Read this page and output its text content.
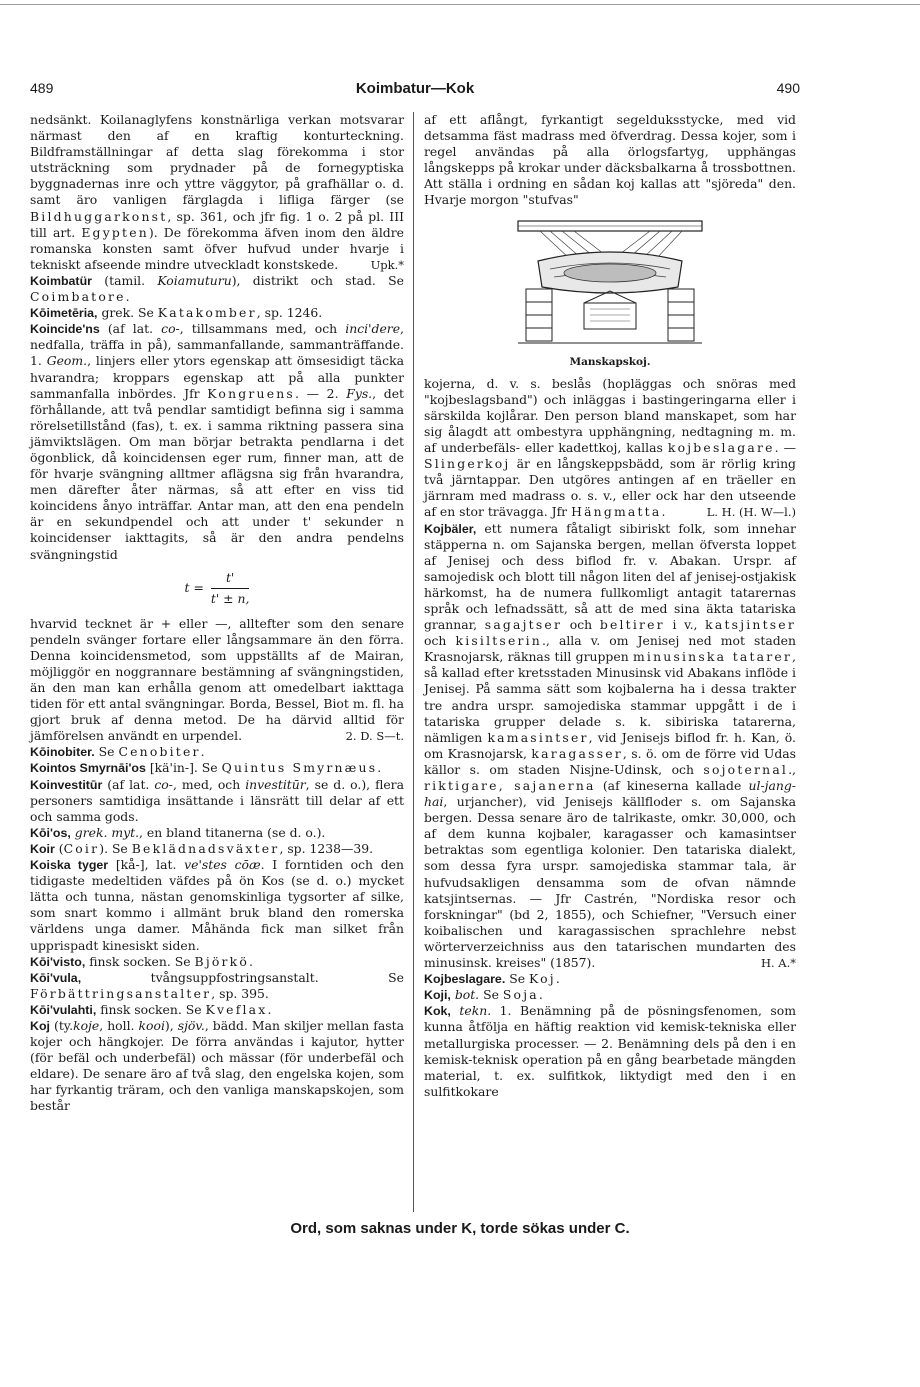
489	Koimbatur—Kok	490

nedsänkt. Koilanaglyfens konstnärliga verkan motsvarar närmast den af en kraftig konturteckning. Bildframställningar af detta slag förekomma i stor utsträckning som prydnader på de fornegyptiska byggnadernas inre och yttre väggytor, på grafhällar o. d. samt äro vanligen färglagda i lifliga färger (se Bildhuggarkonst, sp. 361, och jfr fig. 1 o. 2 på pl. III till art. Egypten). De förekomma äfven inom den äldre romanska konsten samt öfver hufvud under hvarje i tekniskt afseende mindre utveckladt konstskede.	Upk.*

Koimbatür (tamil. Koiamuturu), distrikt och stad. Se Coimbatore.

Kōimetēria, grek. Se Katakomber, sp. 1246.

Koincide'ns (af lat. co-, tillsammans med, och inci'dere, nedfalla, träffa in på), sammanfallande, sammanträffande. 1. Geom., linjers eller ytors egenskap att ömsesidigt täcka hvarandra; kroppars egenskap att på alla punkter sammanfalla inbördes. Jfr Kongruens. — 2. Fys., det förhållande, att två pendlar samtidigt befinna sig i samma rörelsetillstånd (fas), t. ex. i samma riktning passera sina jämviktslägen. Om man börjar betrakta pendlarna i det ögonblick, då koincidensen eger rum, finner man, att de för hvarje svängning alltmer aflägsna sig från hvarandra, men därefter åter närmas, så att efter en viss tid koincidens ånyo inträffar. Antar man, att den ena pendeln är en sekundpendel och att under t' sekunder n koincidenser iakttagits, så är den andra pendelns svängningstid

t =	
t'
t' ± n,

hvarvid tecknet är + eller —, alltefter som den senare pendeln svänger fortare eller långsammare än den förra. Denna koincidensmetod, som uppställts af de Mairan, möjliggör en noggrannare bestämning af svängningstiden, än den man kan erhålla genom att omedelbart iakttaga tiden för ett antal svängningar. Borda, Bessel, Biot m. fl. ha gjort bruk af denna metod. De ha därvid alltid för jämförelsen användt en urpendel.	2. D. S—t.

Kōinobiter. Se Cenobiter.

Kointos Smyrnāi'os [kä'in-]. Se Quintus Smyrnæus.

Koinvestitūr (af lat. co-, med, och investitūr, se d. o.), flera personers samtidiga insättande i länsrätt till delar af ett och samma gods.

Kōi'os, grek. myt., en bland titanerna (se d. o.).

Koir (Coir). Se Beklädnadsväxter, sp. 1238—39.

Koiska tyger [kå-], lat. ve'stes cōæ. I forntiden och den tidigaste medeltiden väfdes på ön Kos (se d. o.) mycket lätta och tunna, nästan genomskinliga tygsorter af silke, som snart kommo i allmänt bruk bland den romerska världens unga damer. Måhända fick man silket från upprispadt kinesiskt siden.

Kōi'visto, finsk socken. Se Björkö.

Kōi'vula,	tvångsuppfostringsanstalt. Se Förbättringsanstalter, sp. 395.

Kōi'vulahti, finsk socken. Se Kveflax.

Koj (ty.koje, holl. kooi), sjöv., bädd. Man skiljer mellan fasta kojer och hängkojer. De förra användas i kajutor, hytter (för befäl och underbefäl) och mässar (för underbefäl och eldare). De senare äro af två slag, den engelska kojen, som har fyrkantig träram, och den vanliga manskapskojen, som består

af ett aflångt, fyrkantigt segelduksstycke, med vid detsamma fäst madrass med öfverdrag. Dessa kojer, som i regel användas på alla örlogsfartyg, upphängas långskepps på krokar under däcksbalkarna å trossbottnen. Att ställa i ordning en sådan koj kallas att "sjöreda" den. Hvarje morgon "stufvas"

Manskapskoj.

kojerna, d. v. s. beslås (hopläggas och snöras med "kojbeslagsband") och inläggas i bastingeringarna eller i särskilda kojlårar. Den person bland manskapet, som har sig ålagdt att ombestyra upphängning, nedtagning m. m. af underbefäls- eller kadettkoj, kallas kojbeslagare. — Slingerkoj är en långskeppsbädd, som är rörlig kring två järntappar. Den utgöres antingen af en träeller en järnram med madrass o. s. v., eller ock har den utseende af en stor trävagga. Jfr Hängmatta.	L. H. (H. W—l.)

Kojbäler, ett numera fåtaligt sibiriskt folk, som innehar stäpperna n. om Sajanska bergen, mellan öfversta loppet af Jenisej och dess biflod fr. v. Abakan. Urspr. af samojedisk och blott till någon liten del af jenisej-ostjakisk härkomst, ha de numera fullkomligt antagit tatarernas språk och lefnadssätt, så att de med sina äkta tatariska grannar, sagajtser och beltirer i v., katsjintser och kisiltserin., alla v. om Jenisej ned mot staden Krasnojarsk, räknas till gruppen minusinska tatarer, så kallad efter kretsstaden Minusinsk vid Abakans inflöde i Jenisej. På samma sätt som kojbalerna ha i dessa trakter tre andra urspr. samojediska stammar uppgått i de i tatariska grupper delade s. k. sibiriska tatarerna, nämligen kamasintser, vid Jenisejs biflod fr. h. Kan, ö. om Krasnojarsk, karagasser, s. ö. om de förre vid Udas källor s. om staden Nisjne-Udinsk, och sojoternal., riktigare, sajanerna (af kineserna kallade ul-jang-hai, urjancher), vid Jenisejs källfloder s. om Sajanska bergen. Dessa senare äro de talrikaste, omkr. 30,000, och af dem kunna kojbaler, karagasser och kamasintser betraktas som egentliga kolonier. Den tatariska dialekt, som dessa fyra urspr. samojediska stammar tala, är hufvudsakligen densamma som de ofvan nämnde katsjintsernas. — Jfr Castrén, "Nordiska resor och forskningar" (bd 2, 1855), och Schiefner, "Versuch einer koibalischen und karagassischen sprachlehre nebst wörterverzeichniss aus den tatarischen mundarten des minusinsk. kreises" (1857).	H. A.*

Kojbeslagare. Se Koj.

Koji, bot. Se Soja.

Kok, tekn. 1. Benämning på de pösningsfenomen, som kunna åtfölja en häftig reaktion vid kemisk-tekniska eller metallurgiska processer. — 2. Benämning dels på den i en kemisk-teknisk operation på en gång bearbetade mängden material, t. ex. sulfitkok, liktydigt med den i en sulfitkokare

Ord, som saknas under K, torde sökas under C.
